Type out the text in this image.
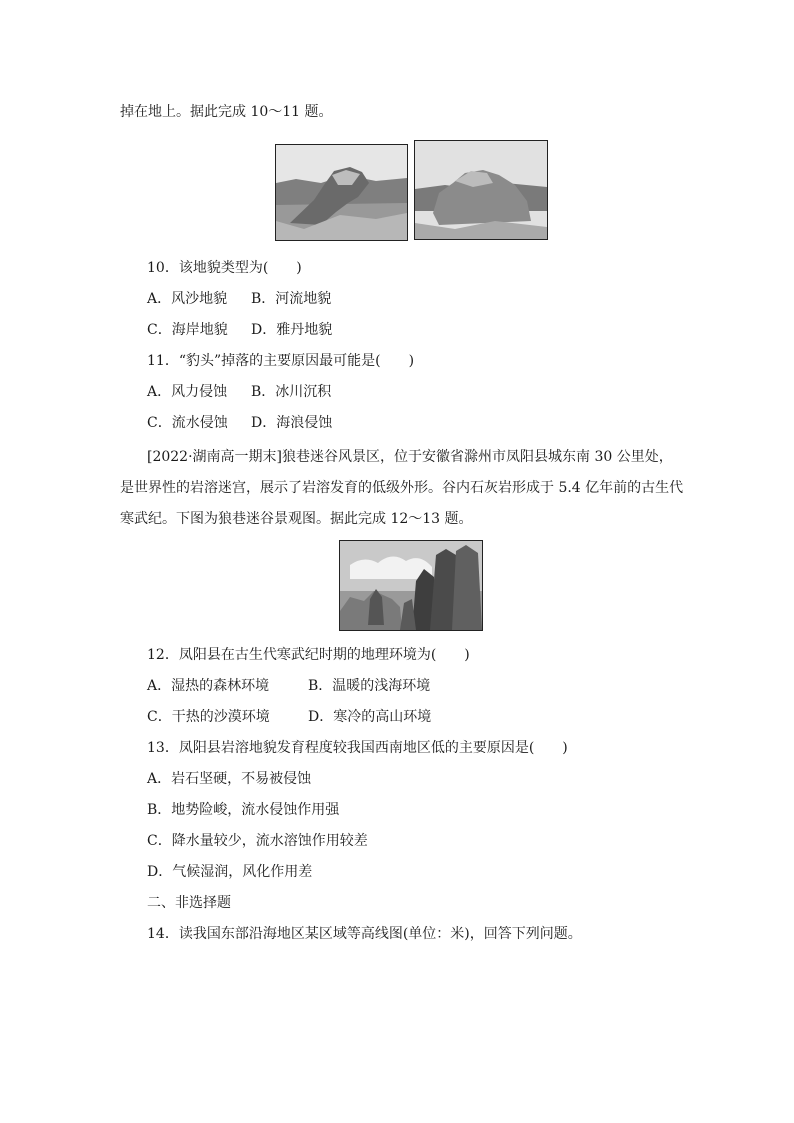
掉在地上。据此完成 10～11 题。
10．该地貌类型为(　　)
A．风沙地貌 B．河流地貌
C．海岸地貌 D．雅丹地貌
11．“豹头”掉落的主要原因最可能是(　　)
A．风力侵蚀 B．冰川沉积
C．流水侵蚀 D．海浪侵蚀
[2022·湖南高一期末]狼巷迷谷风景区，位于安徽省滁州市凤阳县城东南 30 公里处，
是世界性的岩溶迷宫，展示了岩溶发育的低级外形。谷内石灰岩形成于 5.4 亿年前的古生代
寒武纪。下图为狼巷迷谷景观图。据此完成 12～13 题。
12．凤阳县在古生代寒武纪时期的地理环境为(　　)
A．湿热的森林环境	B．温暖的浅海环境
C．干热的沙漠环境	D．寒冷的高山环境
13．凤阳县岩溶地貌发育程度较我国西南地区低的主要原因是(　　)
A．岩石坚硬，不易被侵蚀
B．地势险峻，流水侵蚀作用强
C．降水量较少，流水溶蚀作用较差
D．气候湿润，风化作用差
二、非选择题
14．读我国东部沿海地区某区域等高线图(单位：米)，回答下列问题。
